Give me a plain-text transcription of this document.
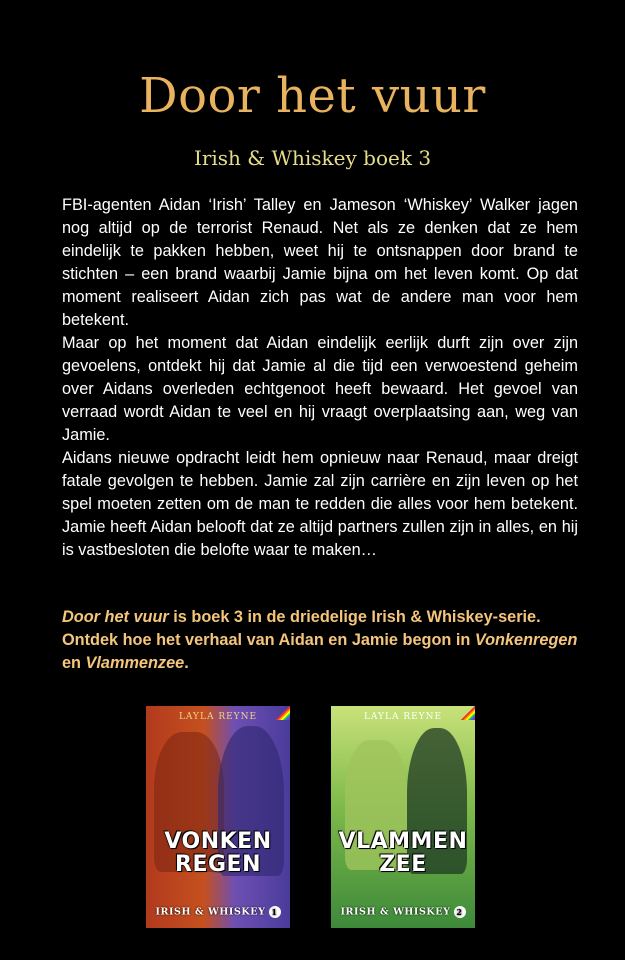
Door het vuur
Irish & Whiskey boek 3

FBI-agenten Aidan ‘Irish’ Talley en Jameson ‘Whiskey’ Walker jagen nog altijd op de terrorist Renaud. Net als ze denken dat ze hem eindelijk te pakken hebben, weet hij te ontsnappen door brand te stichten – een brand waarbij Jamie bijna om het leven komt. Op dat moment realiseert Aidan zich pas wat de andere man voor hem betekent.

Maar op het moment dat Aidan eindelijk eerlijk durft zijn over zijn gevoelens, ontdekt hij dat Jamie al die tijd een verwoestend geheim over Aidans overleden echtgenoot heeft bewaard. Het gevoel van verraad wordt Aidan te veel en hij vraagt overplaatsing aan, weg van Jamie.

Aidans nieuwe opdracht leidt hem opnieuw naar Renaud, maar dreigt fatale gevolgen te hebben. Jamie zal zijn carrière en zijn leven op het spel moeten zetten om de man te redden die alles voor hem betekent. Jamie heeft Aidan belooft dat ze altijd partners zullen zijn in alles, en hij is vastbesloten die belofte waar te maken…

Door het vuur is boek 3 in de driedelige Irish & Whiskey-serie. Ontdek hoe het verhaal van Aidan en Jamie begon in Vonkenregen en Vlammenzee.
LAYLA REYNE
VONKEN
REGEN
IRISH & WHISKEY 1
LAYLA REYNE
VLAMMEN
ZEE
IRISH & WHISKEY 2
